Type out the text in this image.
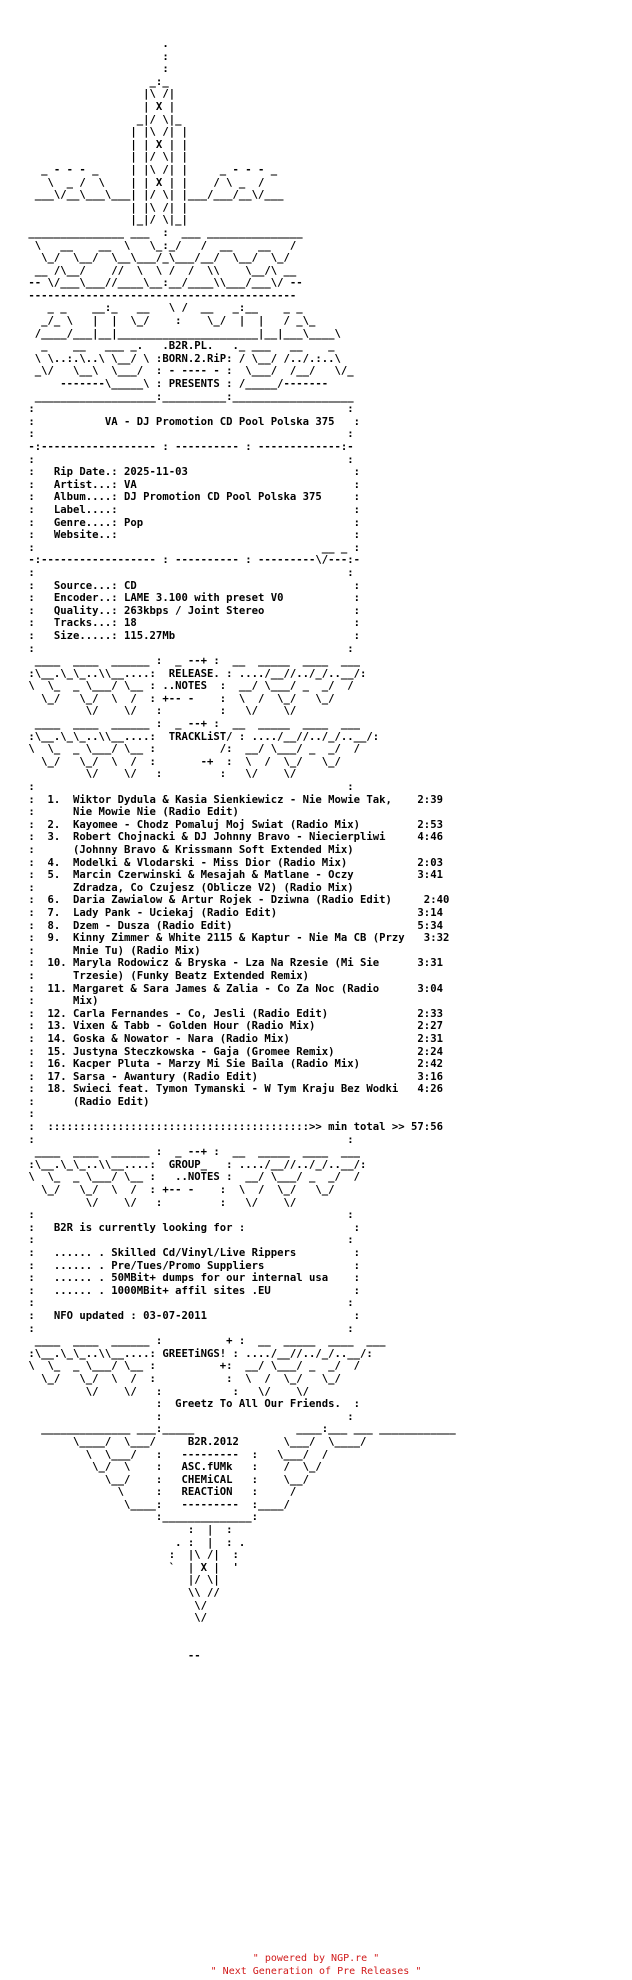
.
:
:
_:_
|\ /|
| X |
_|/ \|_
| |\ /| |
| | X | |
| |/ \| |
_ - - - _     | |\ /| |     _ - - - _
\  _ /  \    | | X | |    / \ _  /
___\/__\___\___| |/ \| |___/___/__\/___
| |\ /| |
|_|/ \|_|
_______________ ___  :  ___ _______________
\   __    __  \   \_:_/   /  __    __   /
\_/  \__/  \__\___/_\___/__/  \__/  \_/
__ /\__/    //  \  \ /  /  \\    \__/\ __
-- \/___\___//____\__:__/____\\___/___\/ --
------------------------------------------
_ _    __:_   __   \ /  __   _:__    _ _
_/_ \   |  |  \_/    :    \_/  |  |   / _\_
/____/___|__|______________________|__|___\____\
_    __   ___ _.   .B2R.PL.   ._ ___   __    _
\ \..:.\..\ \__/ \ :BORN.2.RiP: / \__/ /../.:..\
_\/   \__\  \___/  : - ---- - :  \___/  /__/   \/_
-------\_____\ : PRESENTS : /_____/-------
___________________:__________:___________________
:                                                 :
:           VA - DJ Promotion CD Pool Polska 375   :
:                                                 :
-:------------------ : ---------- : -------------:-
:                                                 :
:   Rip Date.: 2025-11-03                          :
:   Artist...: VA                                  :
:   Album....: DJ Promotion CD Pool Polska 375     :
:   Label....:                                     :
:   Genre....: Pop                                 :
:   Website..:                                     :
:                                             __ _ :
-:------------------ : ---------- : ---------\/---:-
:                                                 :
:   Source...: CD                                  :
:   Encoder..: LAME 3.100 with preset V0           :
:   Quality..: 263kbps / Joint Stereo              :
:   Tracks...: 18                                  :
:   Size.....: 115.27Mb                            :
:                                                 :
____  ____  ______ :  _ --+ :  __  _____  ____  ___
:\__.\_\_..\\__....:  RELEASE. : ..../__//../_/..__/:
\  \_  _ \___/ \__ : ..NOTES  :  __/ \___/ _  _/  /
\_/   \_/  \  /  : +-- -    :  \  /  \_/   \_/
\/    \/   :         :   \/    \/
____  ____  ______ :  _ --+ :  __  _____  ____  ___
:\__.\_\_..\\__....:  TRACKLiST/ : ..../__//../_/..__/:
\  \_  _ \___/ \__ :          /:  __/ \___/ _  _/  /
\_/   \_/  \  /  :       -+  :  \  /  \_/   \_/
\/    \/   :         :   \/    \/
:                                                 :
:  1.  Wiktor Dydula & Kasia Sienkiewicz - Nie Mowie Tak,    2:39
:      Nie Mowie Nie (Radio Edit)
:  2.  Kayomee - Chodz Pomaluj Moj Swiat (Radio Mix)         2:53
:  3.  Robert Chojnacki & DJ Johnny Bravo - Niecierpliwi     4:46
:      (Johnny Bravo & Krissmann Soft Extended Mix)
:  4.  Modelki & Vlodarski - Miss Dior (Radio Mix)           2:03
:  5.  Marcin Czerwinski & Mesajah & Matlane - Oczy          3:41
:      Zdradza, Co Czujesz (Oblicze V2) (Radio Mix)
:  6.  Daria Zawialow & Artur Rojek - Dziwna (Radio Edit)     2:40
:  7.  Lady Pank - Uciekaj (Radio Edit)                      3:14
:  8.  Dzem - Dusza (Radio Edit)                             5:34
:  9.  Kinny Zimmer & White 2115 & Kaptur - Nie Ma CB (Przy   3:32
:      Mnie Tu) (Radio Mix)
:  10. Maryla Rodowicz & Bryska - Lza Na Rzesie (Mi Sie      3:31
:      Trzesie) (Funky Beatz Extended Remix)
:  11. Margaret & Sara James & Zalia - Co Za Noc (Radio      3:04
:      Mix)
:  12. Carla Fernandes - Co, Jesli (Radio Edit)              2:33
:  13. Vixen & Tabb - Golden Hour (Radio Mix)                2:27
:  14. Goska & Nowator - Nara (Radio Mix)                    2:31
:  15. Justyna Steczkowska - Gaja (Gromee Remix)             2:24
:  16. Kacper Pluta - Marzy Mi Sie Baila (Radio Mix)         2:42
:  17. Sarsa - Awantury (Radio Edit)                         3:16
:  18. Swieci feat. Tymon Tymanski - W Tym Kraju Bez Wodki   4:26
:      (Radio Edit)
:
:  :::::::::::::::::::::::::::::::::::::::::>> min total >> 57:56
:                                                 :
____  ____  ______ :  _ --+ :  __  _____  ____  ___
:\__.\_\_..\\__....:  GROUP_   : ..../__//../_/..__/:
\  \_  _ \___/ \__ :   ..NOTES :  __/ \___/ _  _/  /
\_/   \_/  \  /  : +-- -    :  \  /  \_/   \_/
\/    \/   :         :   \/    \/
:                                                 :
:   B2R is currently looking for :                 :
:                                                 :
:   ...... . Skilled Cd/Vinyl/Live Rippers         :
:   ...... . Pre/Tues/Promo Suppliers              :
:   ...... . 50MBit+ dumps for our internal usa    :
:   ...... . 1000MBit+ affil sites .EU             :
:                                                 :
:   NFO updated : 03-07-2011                       :
:                                                 :
____  ____  ______ :          + :  __  _____  ____  ___
:\__.\_\_..\\__....: GREETiNGS! : ..../__//../_/..__/:
\  \_  _ \___/ \__ :          +:  __/ \___/ _  _/  /
\_/   \_/  \  /  :           :  \  /  \_/   \_/
\/    \/   :           :   \/    \/
:  Greetz To All Our Friends.  :
:                             :
______________ ___:_____                ____:___ ___ ____________
\____/  \___/     B2R.2012       \___/  \____/
\  \___/   :   ---------  :   \___/  /
\_/  \    :   ASC.fUMk   :    /  \_/
\__/    :   CHEMiCAL   :    \__/
\     :   REACTiON   :     /
\____:   ---------  :____/
:______________:
:  |  :
. :  |  : .
:  |\ /|  :
`  | X |  '
|/ \|
\\ //
\/
\/

--
" powered by NGP.re "
" Next Generation of Pre Releases "
